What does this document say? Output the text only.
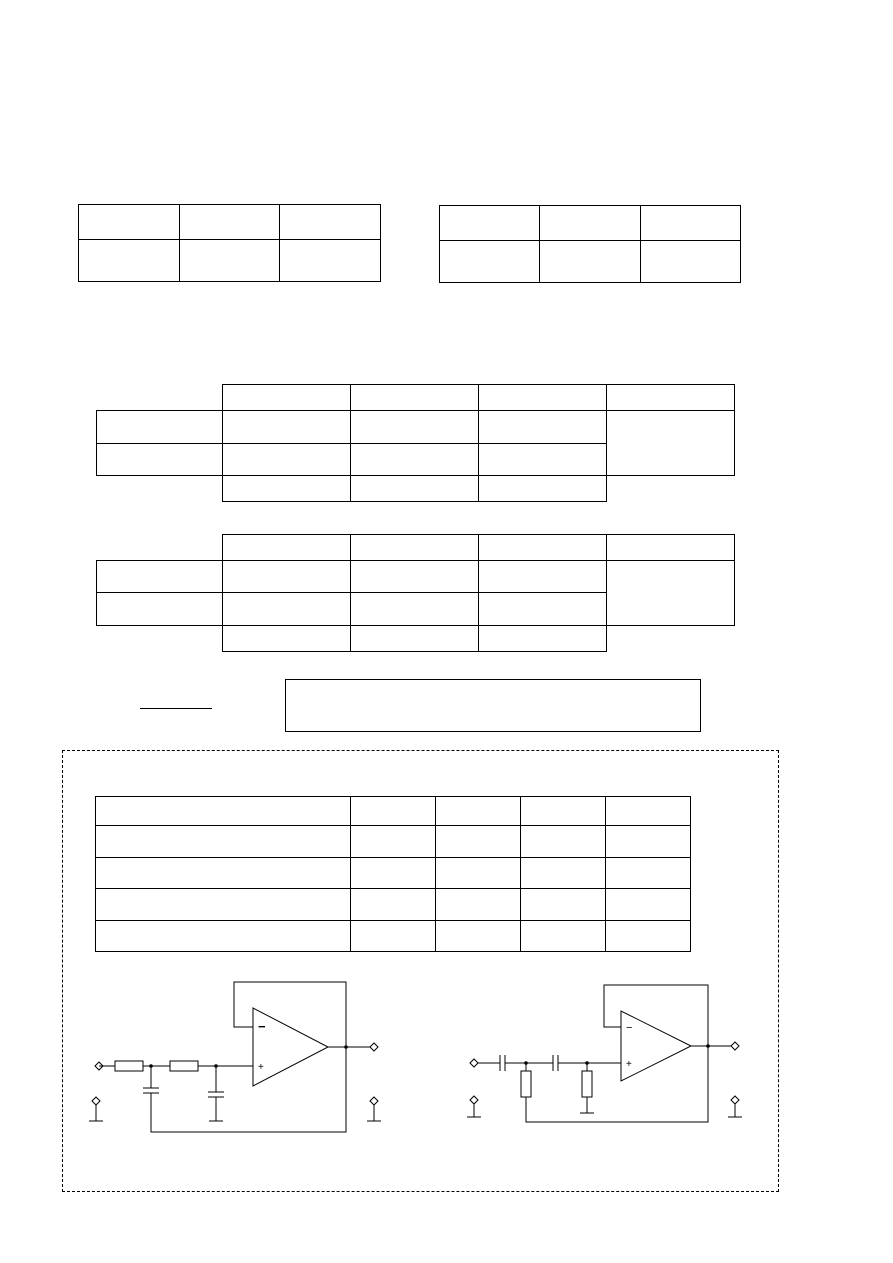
−
+
−
+
